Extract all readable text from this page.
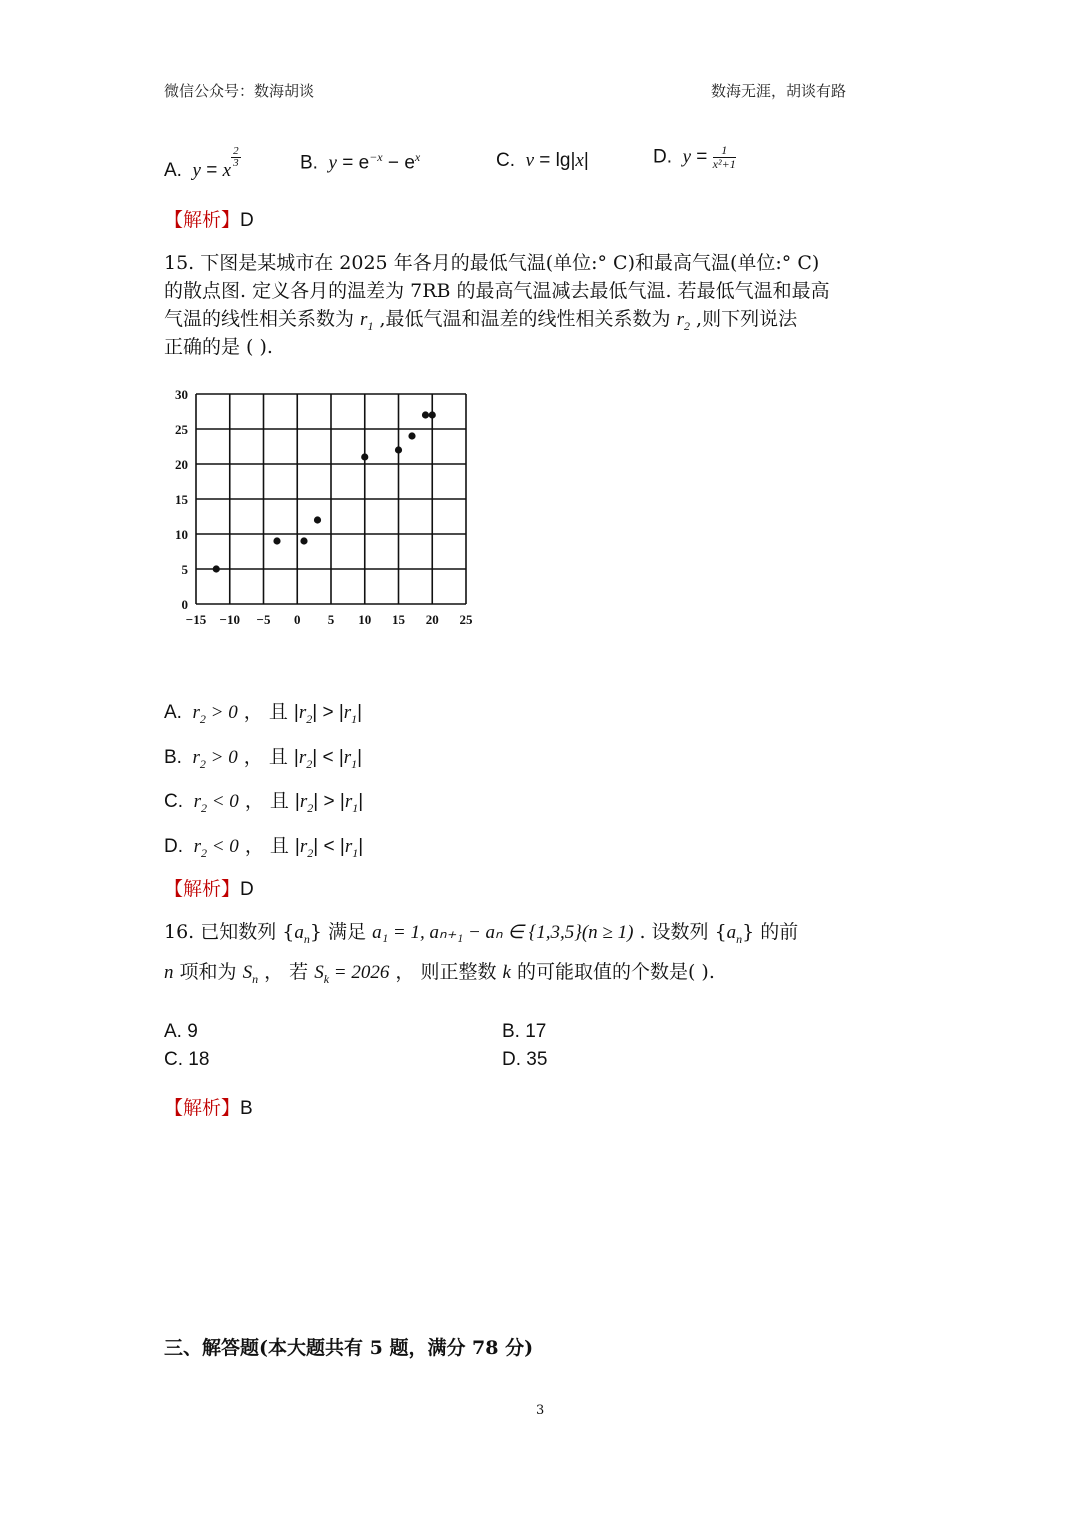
微信公众号：数海胡谈	数海无涯，胡谈有路
A. y = x
$\frac{2}{3}$	B. $y = e^{-x} - e^x$	C. v = lg|x|	D. $y = \frac{1}{\text{x²+1}}$
【解析】D
15. 下图是某城市在 2025 年各月的最低气温(单位:° C)和最高气温(单位:° C)
的散点图. 定义各月的温差为 7RB 的最高气温减去最低气温. 若最低气温和最高
气温的线性相关系数为 $r_1$ ,最低气温和温差的线性相关系数为 $r_2$ ,则下列说法
正确的是 ( ).
30
25
20
15
10
5
0
−15 −10 −5 0 5 10 15 20 25
A. $r_2 > 0$ ， 且 $|r_2| > |r_1|$
B. $r_2 > 0$ ， 且 $|r_2| < |r_1|$
C. $r_2 < 0$ ， 且 $|r_2| > |r_1|$
D. $r_2 < 0$ ， 且 $|r_2| < |r_1|$
【解析】D
16. 已知数列 $\{a_n\}$ 满足 a₁ = 1, aₙ₊₁ − aₙ ∈ {1,3,5}(n ≥ 1) . 设数列 $\{a_n\}$ 的前
n 项和为 $S_n$ ， 若 $S_k = 2026$ ， 则正整数 k 的可能取值的个数是( ).
A. 9	B. 17
C. 18	D. 35
【解析】B
三、解答题(本大题共有 5 题，满分 78 分)
3
